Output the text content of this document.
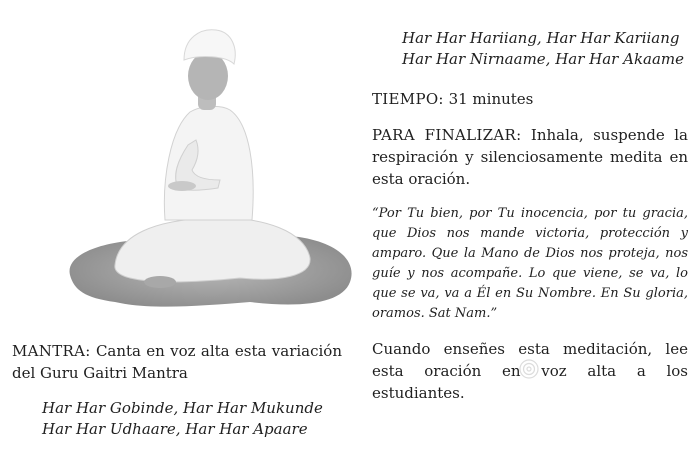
MANTRA: Canta en voz alta esta variación del Guru Gaitri Mantra

Har Har Gobinde, Har Har Mukunde
Har Har Udhaare, Har Har Apaare
Har Har Hariiang, Har Har Kariiang
Har Har Nirnaame, Har Har Akaame

TIEMPO: 31 minutes

PARA FINALIZAR: Inhala, suspende la respiración y silenciosamente medita en esta oración.

“Por Tu bien, por Tu inocencia, por tu gracia, que Dios nos mande victoria, protección y amparo. Que la Mano de Dios nos proteja, nos guíe y nos acompañe. Lo que viene, se va, lo que se va, va a Él en Su Nombre. En Su gloria, oramos. Sat Nam.”

Cuando enseñes esta meditación, lee esta oración en voz alta a los estudiantes.
